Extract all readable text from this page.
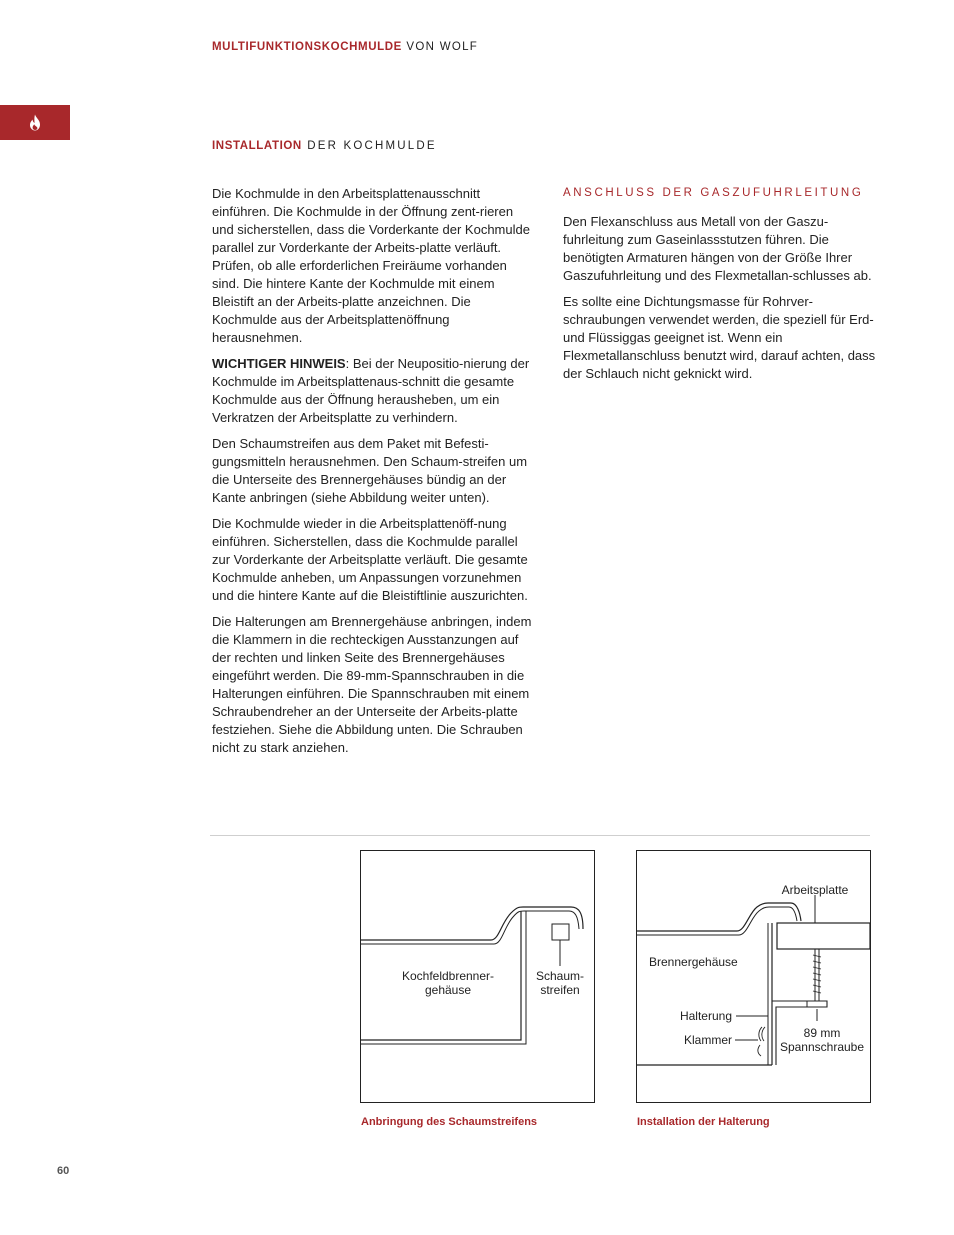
MULTIFUNKTIONSKOCHMULDE VON WOLF
INSTALLATION DER KOCHMULDE

Die Kochmulde in den Arbeitsplattenausschnitt einführen. Die Kochmulde in der Öffnung zent-rieren und sicherstellen, dass die Vorderkante der Kochmulde parallel zur Vorderkante der Arbeits-platte verläuft. Prüfen, ob alle erforderlichen Freiräume vorhanden sind. Die hintere Kante der Kochmulde mit einem Bleistift an der Arbeits-platte anzeichnen. Die Kochmulde aus der Arbeitsplattenöffnung herausnehmen.

WICHTIGER HINWEIS: Bei der Neupositio-nierung der Kochmulde im Arbeitsplattenaus-schnitt die gesamte Kochmulde aus der Öffnung herausheben, um ein Verkratzen der Arbeitsplatte zu verhindern.

Den Schaumstreifen aus dem Paket mit Befesti-gungsmitteln herausnehmen. Den Schaum-streifen um die Unterseite des Brennergehäuses bündig an der Kante anbringen (siehe Abbildung weiter unten).

Die Kochmulde wieder in die Arbeitsplattenöff-nung einführen. Sicherstellen, dass die Kochmulde parallel zur Vorderkante der Arbeitsplatte verläuft. Die gesamte Kochmulde anheben, um Anpassungen vorzunehmen und die hintere Kante auf die Bleistiftlinie auszurichten.

Die Halterungen am Brennergehäuse anbringen, indem die Klammern in die rechteckigen Ausstanzungen auf der rechten und linken Seite des Brennergehäuses eingeführt werden. Die 89-mm-Spannschrauben in die Halterungen einführen. Die Spannschrauben mit einem Schraubendreher an der Unterseite der Arbeits-platte festziehen. Siehe die Abbildung unten. Die Schrauben nicht zu stark anziehen.

ANSCHLUSS DER GASZUFUHRLEITUNG

Den Flexanschluss aus Metall von der Gaszu-fuhrleitung zum Gaseinlassstutzen führen. Die benötigten Armaturen hängen von der Größe Ihrer Gaszufuhrleitung und des Flexmetallan-schlusses ab.

Es sollte eine Dichtungsmasse für Rohrver-schraubungen verwendet werden, die speziell für Erd- und Flüssiggas geeignet ist. Wenn ein Flexmetallanschluss benutzt wird, darauf achten, dass der Schlauch nicht geknickt wird.

Kochfeldbrenner-
gehäuse
Schaum-
streifen
Arbeitsplatte
Brennergehäuse
Halterung
Klammer	89 mm
Spannschraube
Anbringung des Schaumstreifens	Installation der Halterung
60
